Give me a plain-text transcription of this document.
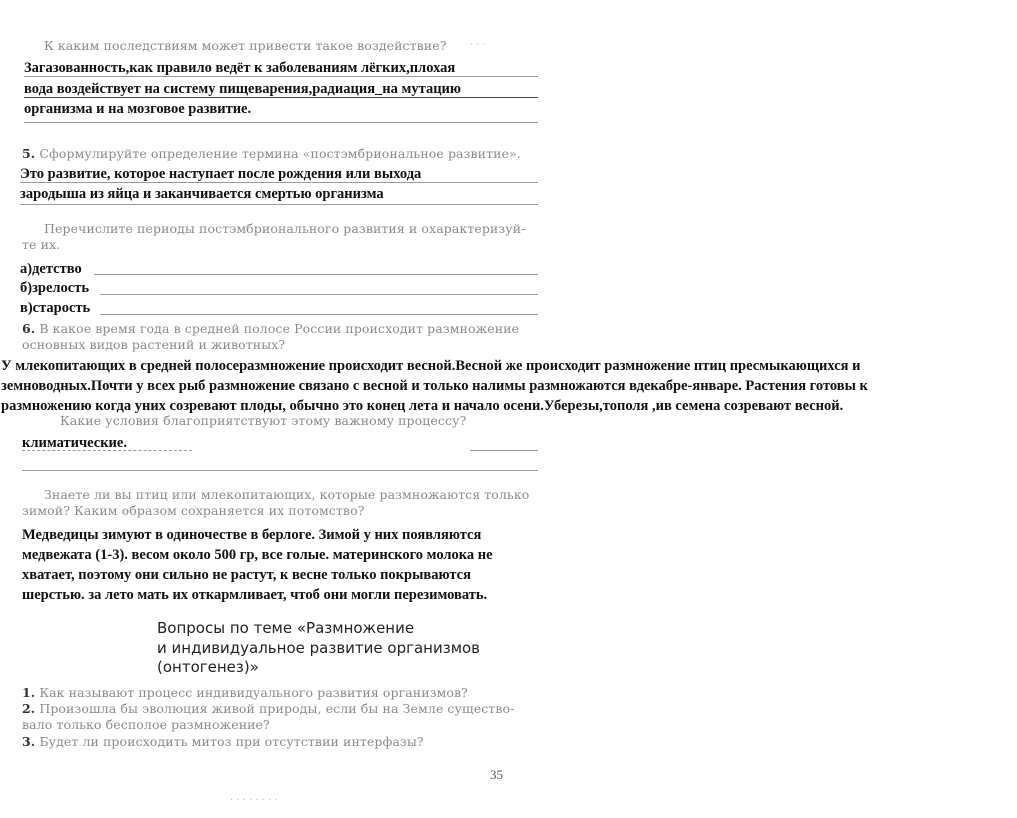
К каким последствиям может привести такое воздействие? · · ·
Загазованность,как правило ведёт к заболеваниям лёгких,плохая
вода воздействует на систему пищеварения,радиация_на мутацию
организма и на мозговое развитие.
5. Сформулируйте определение термина «постэмбриональное развитие».
Это развитие, которое наступает после рождения или выхода
зародыша из яйца и заканчивается смертью организма
Перечислите периоды постэмбрионального развития и охарактеризуй-
те их.
а)детство
б)зрелость
в)старость
6. В какое время года в средней полосе России происходит размножение
основных видов растений и животных?
У млекопитающих в средней полосеразмножение происходит весной.Весной же происходит размножение птиц пресмыкающихся и
земноводных.Почти у всех рыб размножение связано с весной и только налимы размножаются вдекабре-январе. Растения готовы к
размножению когда униx созревают плоды, обычно это конец лета и начало осени.Уберезы,тополя ,ив семена созревают весной.
Какие условия благоприятствуют этому важному процессу?
климатические.
Знаете ли вы птиц или млекопитающих, которые размножаются только
зимой? Каким образом сохраняется их потомство?
Медведицы зимуют в одиночестве в берлоге. Зимой у них появляются
медвежата (1-3). весом около 500 гр, все голые. материнского молока не
хватает, поэтому они сильно не растут, к весне только покрываются
шерстью. за лето мать их откармливает, чтоб они могли перезимовать.
Вопросы по теме «Размножение
и индивидуальное развитие организмов
(онтогенез)»
1. Как называют процесс индивидуального развития организмов?
2. Произошла бы эволюция живой природы, если бы на Земле существо-
вало только бесполое размножение?
3. Будет ли происходить митоз при отсутствии интерфазы?
35
· · · · · · · ·
